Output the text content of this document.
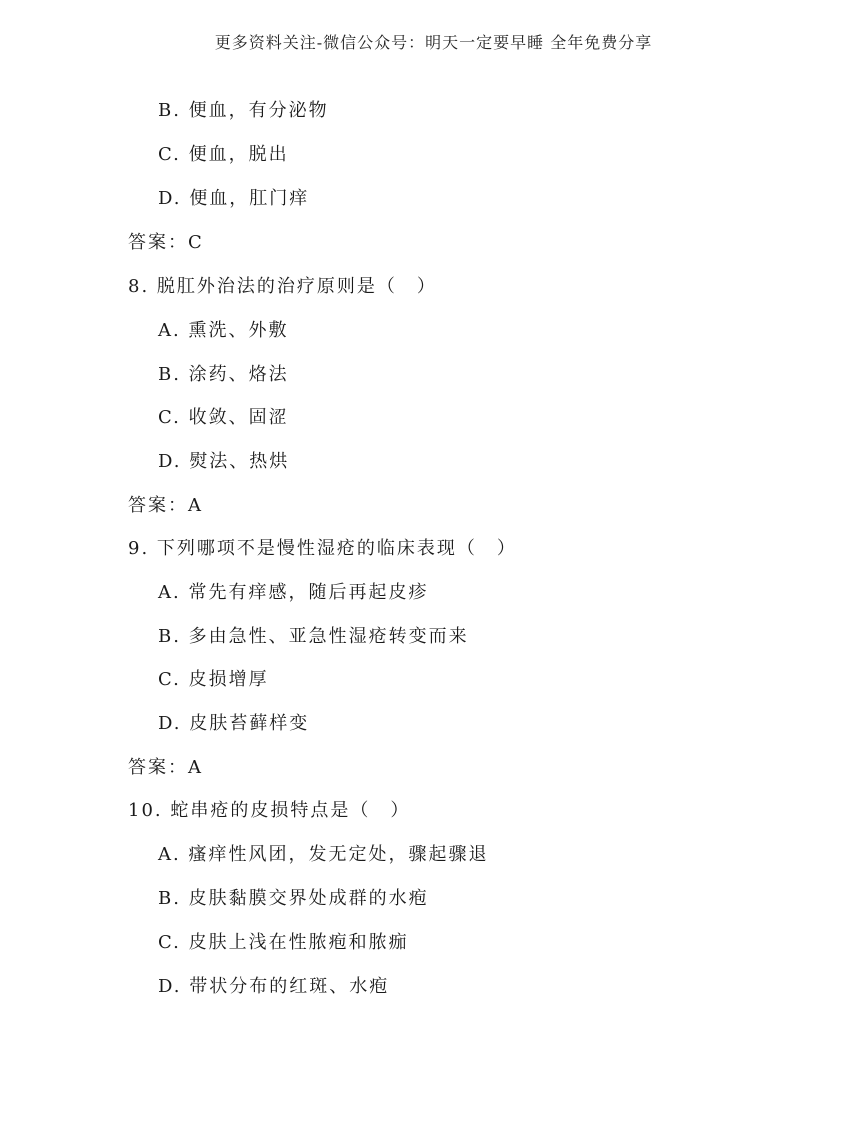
更多资料关注-微信公众号：明天一定要早睡 全年免费分享
B. 便血，有分泌物
C. 便血，脱出
D. 便血，肛门痒
答案：C
8. 脱肛外治法的治疗原则是（　）
A. 熏洗、外敷
B. 涂药、烙法
C. 收敛、固涩
D. 熨法、热烘
答案：A
9. 下列哪项不是慢性湿疮的临床表现（　）
A. 常先有痒感，随后再起皮疹
B. 多由急性、亚急性湿疮转变而来
C. 皮损增厚
D. 皮肤苔藓样变
答案：A
10. 蛇串疮的皮损特点是（　）
A. 瘙痒性风团，发无定处，骤起骤退
B. 皮肤黏膜交界处成群的水疱
C. 皮肤上浅在性脓疱和脓痂
D. 带状分布的红斑、水疱
